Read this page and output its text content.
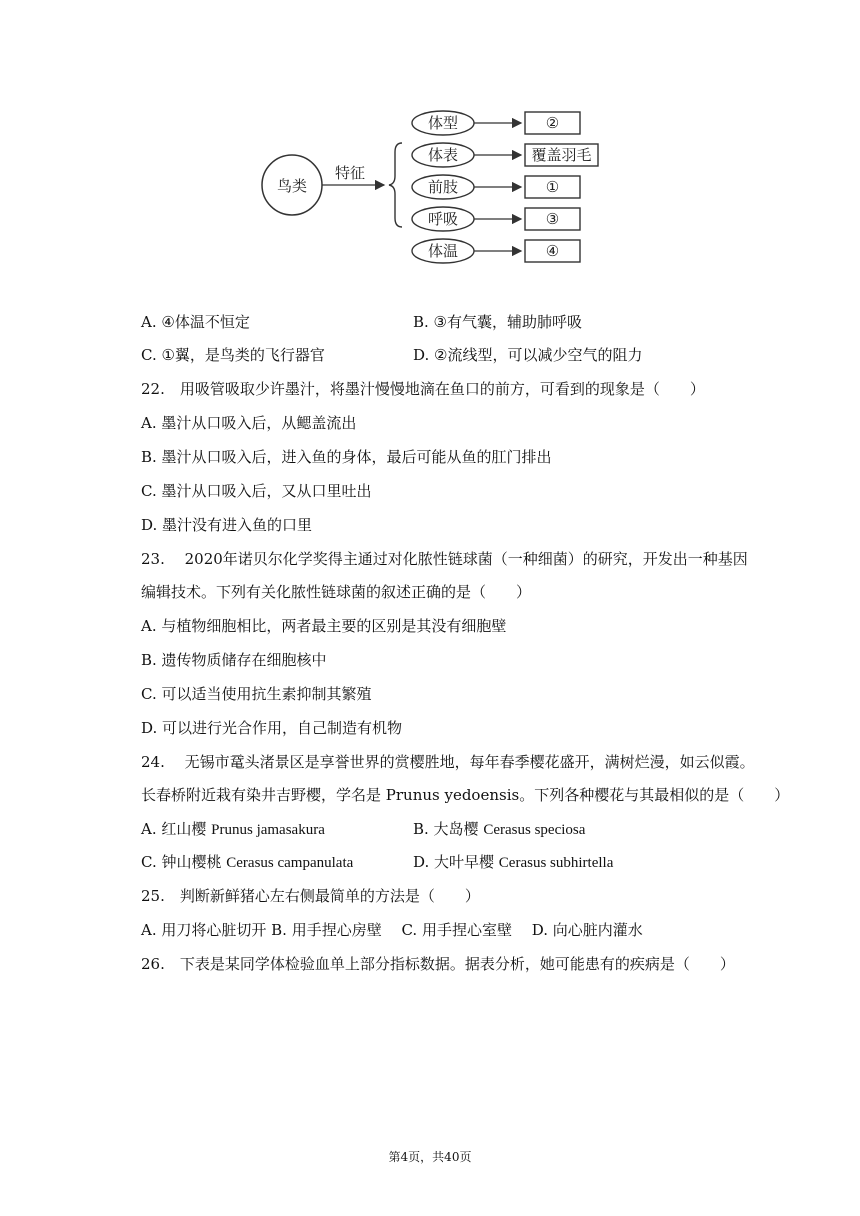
鸟类
特征
体型	②
体表	覆盖羽毛
前肢	①
呼吸	③
体温	④
A. ④体温不恒定	B. ③有气囊，辅助肺呼吸
C. ①翼，是鸟类的飞行器官	D. ②流线型，可以减少空气的阻力
22.　用吸管吸取少许墨汁，将墨汁慢慢地滴在鱼口的前方，可看到的现象是（　　）
A. 墨汁从口吸入后，从鳃盖流出
B. 墨汁从口吸入后，进入鱼的身体，最后可能从鱼的肛门排出
C. 墨汁从口吸入后，又从口里吐出
D. 墨汁没有进入鱼的口里
23.　 2020年诺贝尔化学奖得主通过对化脓性链球菌（一种细菌）的研究，开发出一种基因
编辑技术。下列有关化脓性链球菌的叙述正确的是（　　）
A. 与植物细胞相比，两者最主要的区别是其没有细胞壁
B. 遗传物质储存在细胞核中
C. 可以适当使用抗生素抑制其繁殖
D. 可以进行光合作用，自己制造有机物
24.　 无锡市鼋头渚景区是享誉世界的赏樱胜地，每年春季樱花盛开，满树烂漫，如云似霞。
长春桥附近栽有染井吉野樱，学名是 Prunus yedoensis。下列各种樱花与其最相似的是（　　）
A. 红山樱 Prunus jamasakura	B. 大岛樱 Cerasus speciosa
C. 钟山樱桃 Cerasus campanulata	D. 大叶早樱 Cerasus subhirtella
25.　判断新鲜猪心左右侧最简单的方法是（　　）
A. 用刀将心脏切开 B. 用手捏心房壁　 C. 用手捏心室壁　 D. 向心脏内灌水
26.　下表是某同学体检验血单上部分指标数据。据表分析，她可能患有的疾病是（　　）
第4页，共40页
